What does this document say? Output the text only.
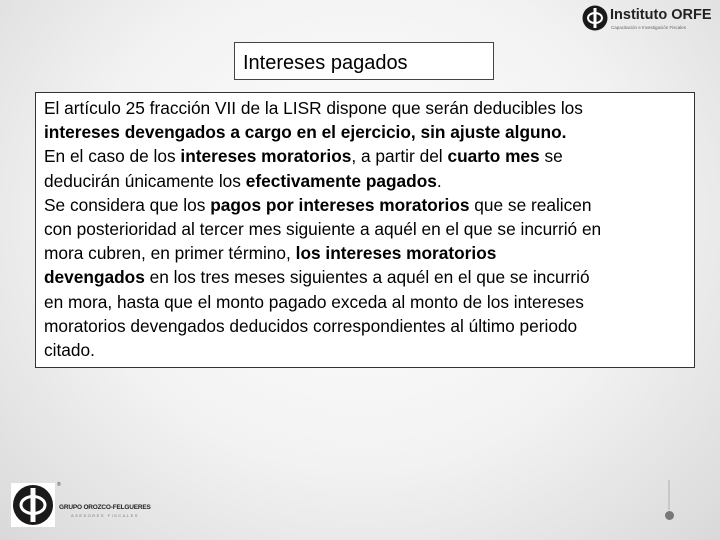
Instituto ORFE
Capacitación e Investigación Fiscales
Intereses pagados
El artículo 25 fracción VII de la LISR dispone que serán deducibles los
intereses devengados a cargo en el ejercicio, sin ajuste alguno.
En el caso de los intereses moratorios, a partir del cuarto mes se
deducirán únicamente los efectivamente pagados.
Se considera que los pagos por intereses moratorios que se realicen
con posterioridad al tercer mes siguiente a aquél en el que se incurrió en
mora cubren, en primer término, los intereses moratorios
devengados en los tres meses siguientes a aquél en el que se incurrió
en mora, hasta que el monto pagado exceda al monto de los intereses
moratorios devengados deducidos correspondientes al último periodo
citado.
®
GRUPO OROZCO-FELGUERES
ASESORES FISCALES
